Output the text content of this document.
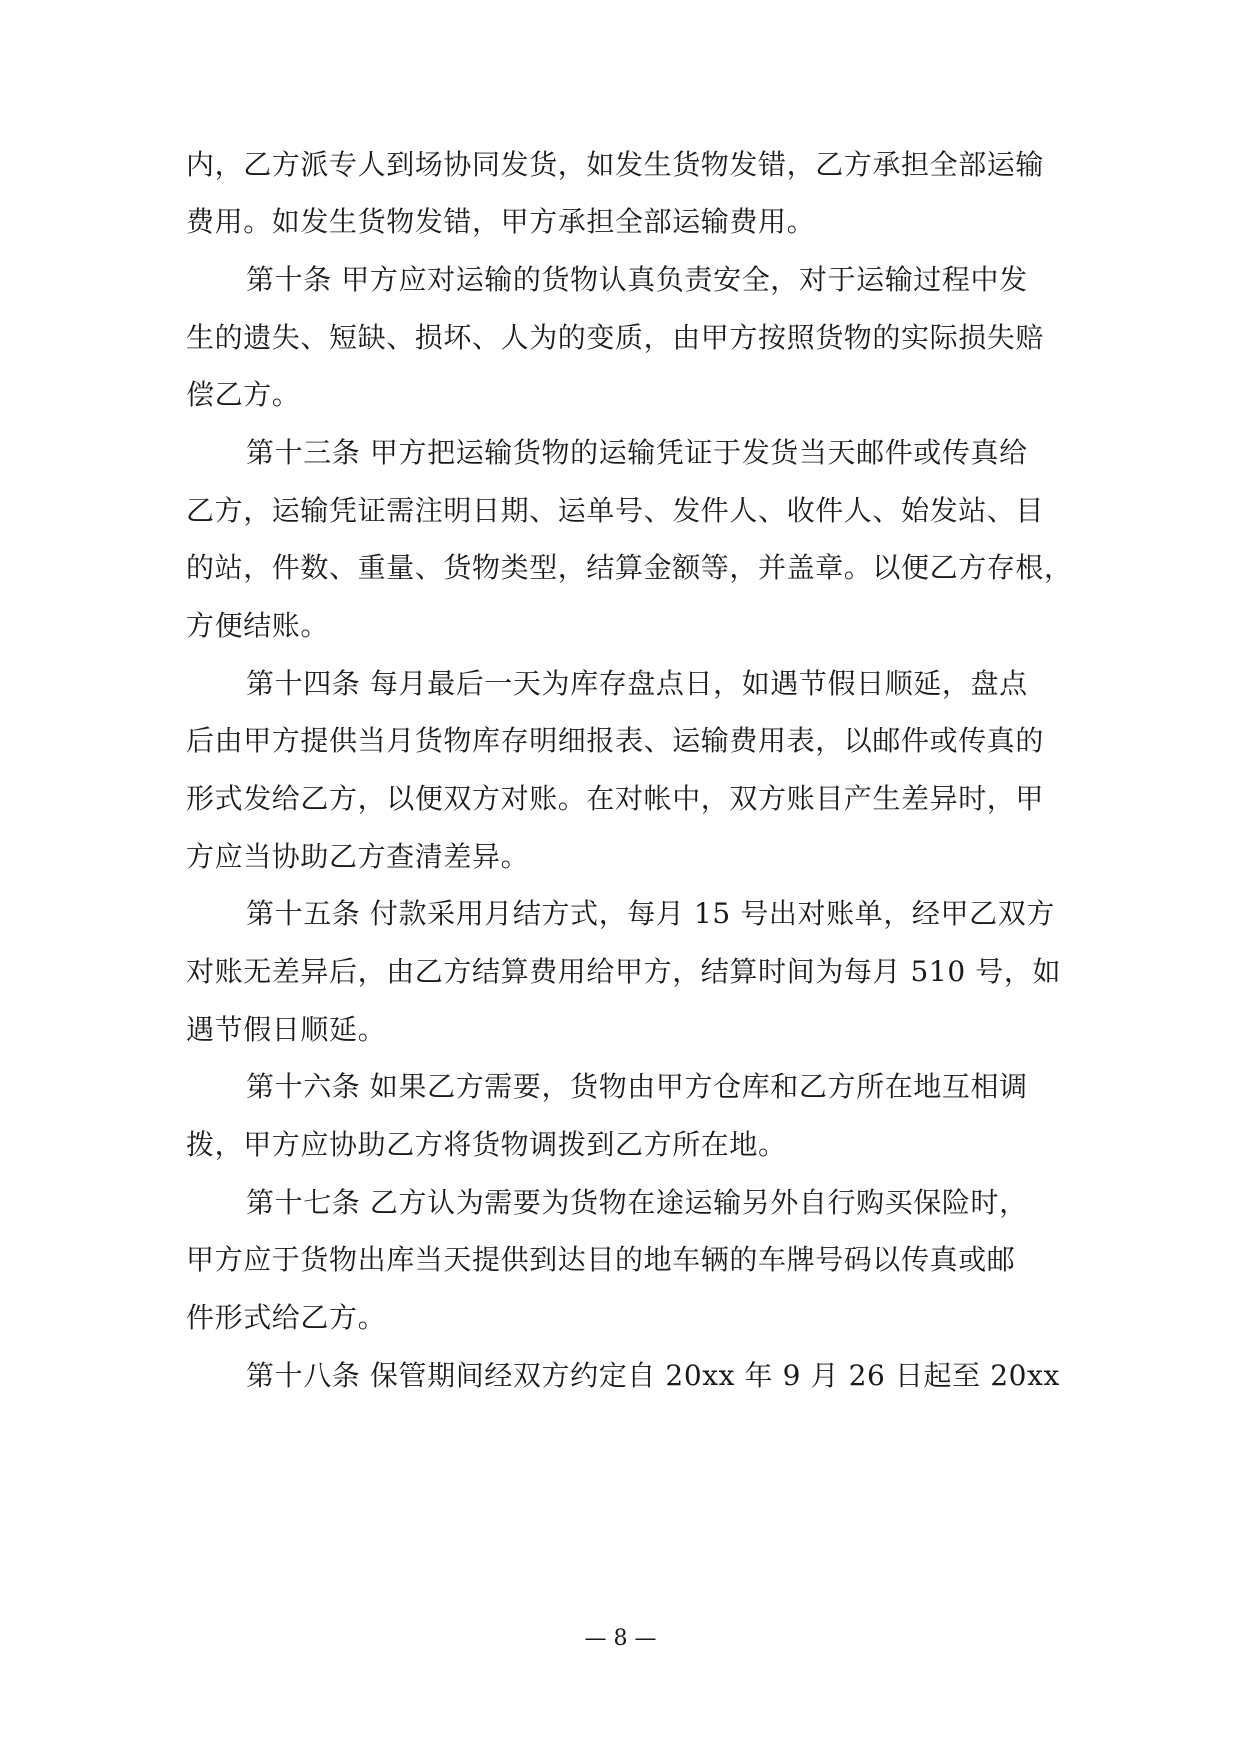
内，乙方派专人到场协同发货，如发生货物发错，乙方承担全部运输
费用。如发生货物发错，甲方承担全部运输费用。
第十条 甲方应对运输的货物认真负责安全，对于运输过程中发
生的遗失、短缺、损坏、人为的变质，由甲方按照货物的实际损失赔
偿乙方。
第十三条 甲方把运输货物的运输凭证于发货当天邮件或传真给
乙方，运输凭证需注明日期、运单号、发件人、收件人、始发站、目
的站，件数、重量、货物类型，结算金额等，并盖章。以便乙方存根，
方便结账。
第十四条 每月最后一天为库存盘点日，如遇节假日顺延，盘点
后由甲方提供当月货物库存明细报表、运输费用表，以邮件或传真的
形式发给乙方，以便双方对账。在对帐中，双方账目产生差异时，甲
方应当协助乙方查清差异。
第十五条 付款采用月结方式，每月 15 号出对账单，经甲乙双方
对账无差异后，由乙方结算费用给甲方，结算时间为每月 510 号，如
遇节假日顺延。
第十六条 如果乙方需要，货物由甲方仓库和乙方所在地互相调
拨，甲方应协助乙方将货物调拨到乙方所在地。
第十七条 乙方认为需要为货物在途运输另外自行购买保险时，
甲方应于货物出库当天提供到达目的地车辆的车牌号码以传真或邮
件形式给乙方。
第十八条 保管期间经双方约定自 20xx 年 9 月 26 日起至 20xx
— 8 —
